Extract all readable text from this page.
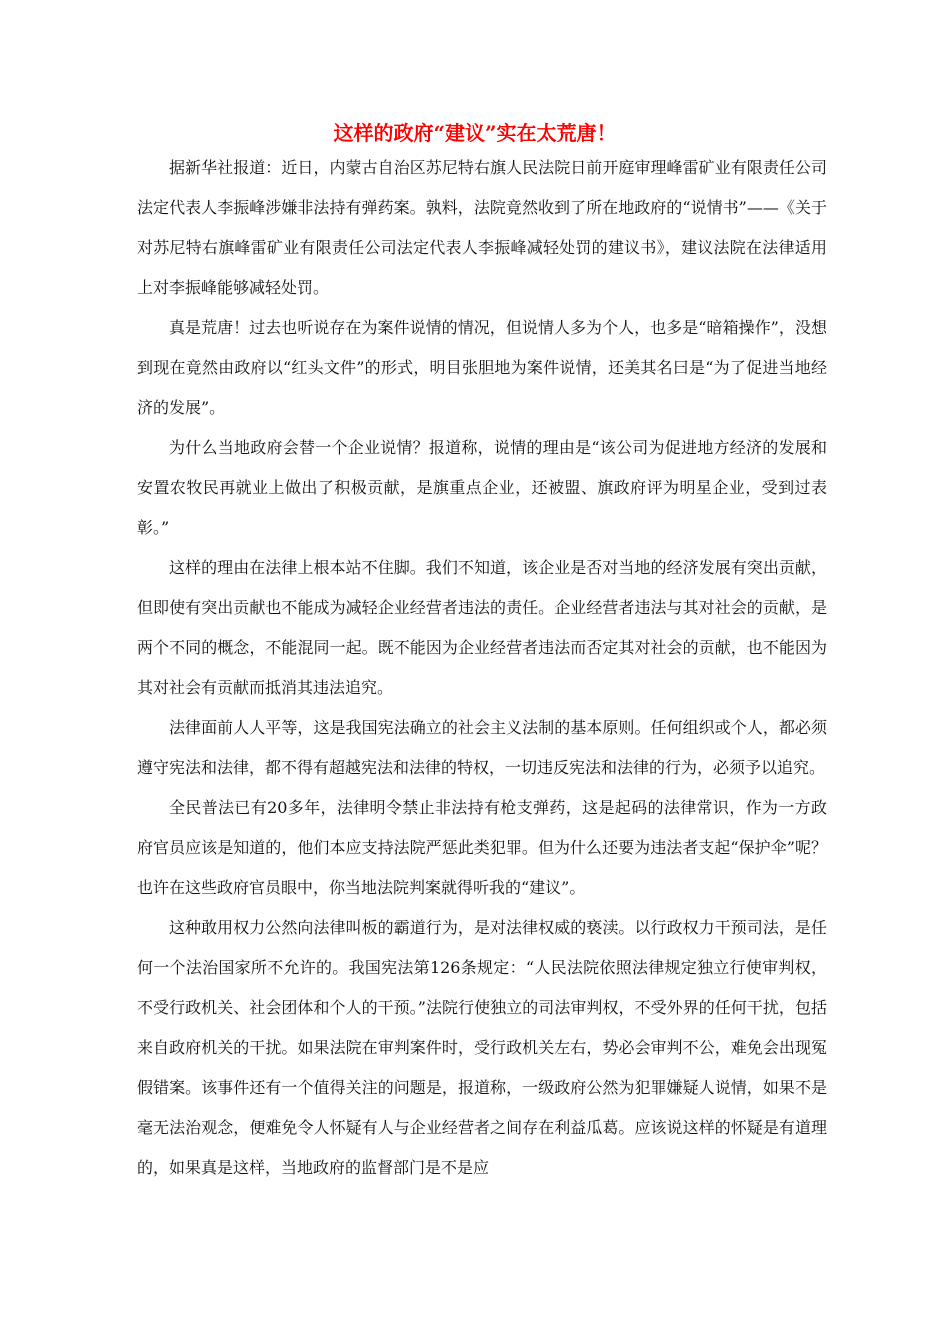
这样的政府“建议”实在太荒唐！

据新华社报道：近日，内蒙古自治区苏尼特右旗人民法院日前开庭审理峰雷矿业有限责任公司法定代表人李振峰涉嫌非法持有弹药案。孰料，法院竟然收到了所在地政府的“说情书”——《关于对苏尼特右旗峰雷矿业有限责任公司法定代表人李振峰减轻处罚的建议书》，建议法院在法律适用上对李振峰能够减轻处罚。

真是荒唐！过去也听说存在为案件说情的情况，但说情人多为个人，也多是“暗箱操作”，没想到现在竟然由政府以“红头文件”的形式，明目张胆地为案件说情，还美其名曰是“为了促进当地经济的发展”。

为什么当地政府会替一个企业说情？报道称，说情的理由是“该公司为促进地方经济的发展和安置农牧民再就业上做出了积极贡献，是旗重点企业，还被盟、旗政府评为明星企业，受到过表彰。”

这样的理由在法律上根本站不住脚。我们不知道，该企业是否对当地的经济发展有突出贡献，但即使有突出贡献也不能成为减轻企业经营者违法的责任。企业经营者违法与其对社会的贡献，是两个不同的概念，不能混同一起。既不能因为企业经营者违法而否定其对社会的贡献，也不能因为其对社会有贡献而抵消其违法追究。

法律面前人人平等，这是我国宪法确立的社会主义法制的基本原则。任何组织或个人，都必须遵守宪法和法律，都不得有超越宪法和法律的特权，一切违反宪法和法律的行为，必须予以追究。

全民普法已有20多年，法律明令禁止非法持有枪支弹药，这是起码的法律常识，作为一方政府官员应该是知道的，他们本应支持法院严惩此类犯罪。但为什么还要为违法者支起“保护伞”呢？也许在这些政府官员眼中，你当地法院判案就得听我的“建议”。

这种敢用权力公然向法律叫板的霸道行为，是对法律权威的亵渎。以行政权力干预司法，是任何一个法治国家所不允许的。我国宪法第126条规定：“人民法院依照法律规定独立行使审判权，不受行政机关、社会团体和个人的干预。”法院行使独立的司法审判权，不受外界的任何干扰，包括来自政府机关的干扰。如果法院在审判案件时，受行政机关左右，势必会审判不公，难免会出现冤假错案。该事件还有一个值得关注的问题是，报道称，一级政府公然为犯罪嫌疑人说情，如果不是毫无法治观念，便难免令人怀疑有人与企业经营者之间存在利益瓜葛。应该说这样的怀疑是有道理的，如果真是这样，当地政府的监督部门是不是应
